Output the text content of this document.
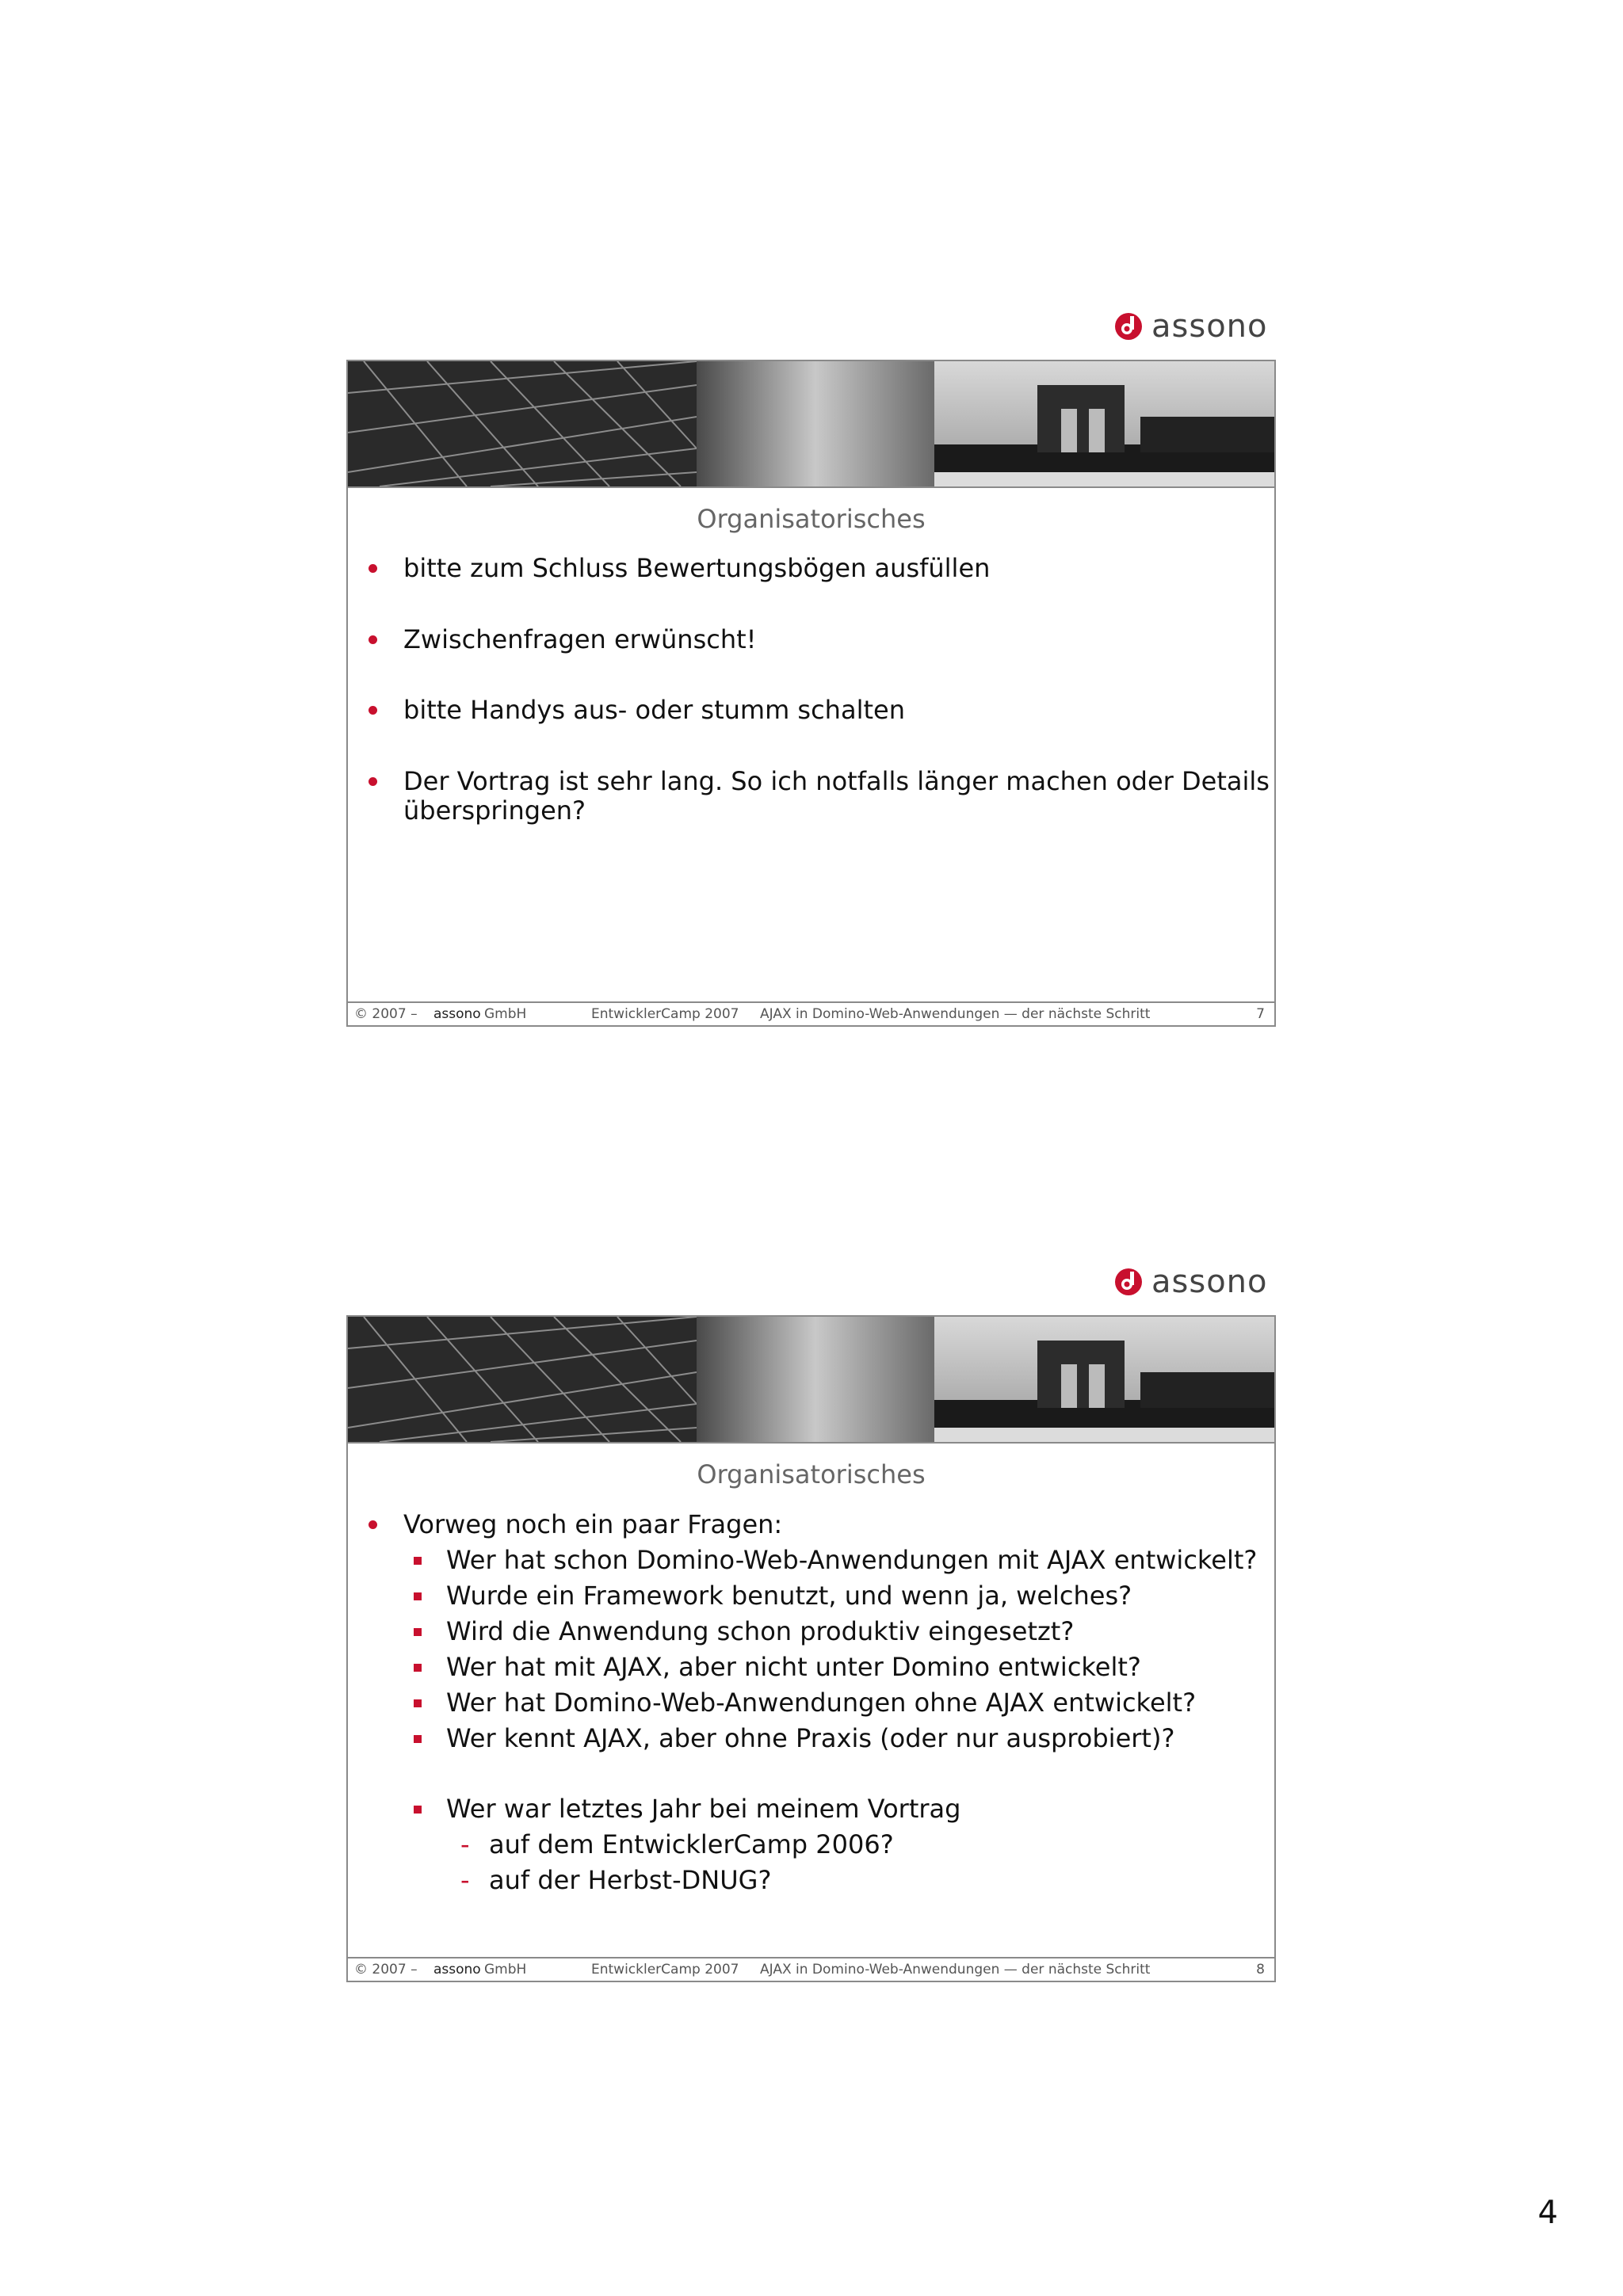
assono
Organisatorisches
bitte zum Schluss Bewertungsbögen ausfüllen
Zwischenfragen erwünscht!
bitte Handys aus- oder stumm schalten
Der Vortrag ist sehr lang. So ich notfalls länger machen oder Details
überspringen?
© 2007 – assono GmbH	EntwicklerCamp 2007 AJAX in Domino-Web-Anwendungen — der nächste Schritt	7
assono
Organisatorisches
Vorweg noch ein paar Fragen:
Wer hat schon Domino-Web-Anwendungen mit AJAX entwickelt?
Wurde ein Framework benutzt, und wenn ja, welches?
Wird die Anwendung schon produktiv eingesetzt?
Wer hat mit AJAX, aber nicht unter Domino entwickelt?
Wer hat Domino-Web-Anwendungen ohne AJAX entwickelt?
Wer kennt AJAX, aber ohne Praxis (oder nur ausprobiert)?
Wer war letztes Jahr bei meinem Vortrag
- auf dem EntwicklerCamp 2006?
- auf der Herbst-DNUG?
© 2007 – assono GmbH	EntwicklerCamp 2007 AJAX in Domino-Web-Anwendungen — der nächste Schritt	8
4
